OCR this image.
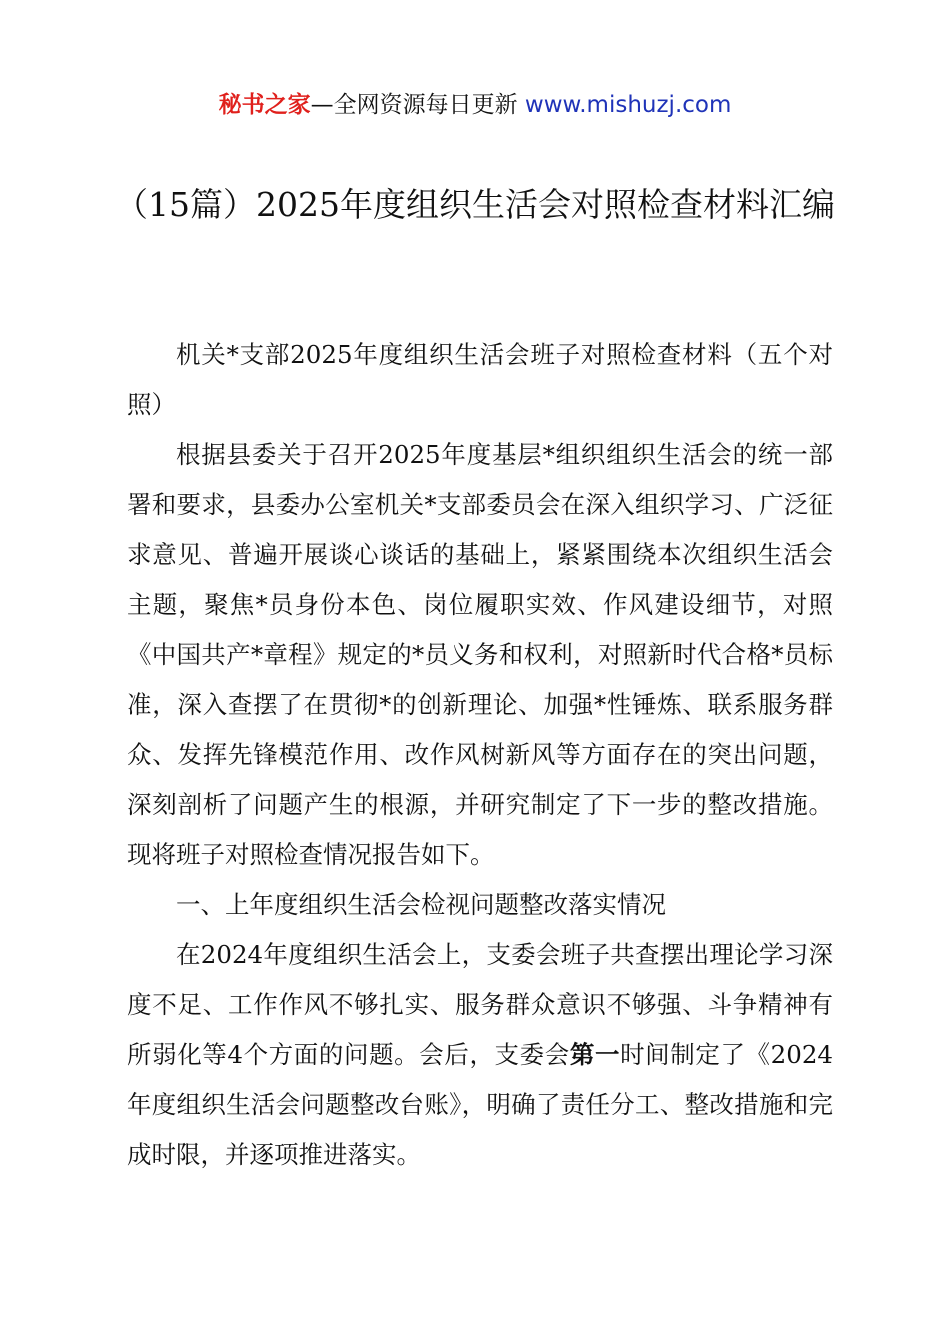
秘书之家—全网资源每日更新 www.mishuzj.com
（15篇）2025年度组织生活会对照检查材料汇编

机关*支部2025年度组织生活会班子对照检查材料（五个对照）

根据县委关于召开2025年度基层*组织组织生活会的统一部署和要求，县委办公室机关*支部委员会在深入组织学习、广泛征求意见、普遍开展谈心谈话的基础上，紧紧围绕本次组织生活会主题，聚焦*员身份本色、岗位履职实效、作风建设细节，对照《中国共产*章程》规定的*员义务和权利，对照新时代合格*员标准，深入查摆了在贯彻*的创新理论、加强*性锤炼、联系服务群众、发挥先锋模范作用、改作风树新风等方面存在的突出问题，深刻剖析了问题产生的根源，并研究制定了下一步的整改措施。现将班子对照检查情况报告如下。

一、上年度组织生活会检视问题整改落实情况

在2024年度组织生活会上，支委会班子共查摆出理论学习深度不足、工作作风不够扎实、服务群众意识不够强、斗争精神有所弱化等4个方面的问题。会后，支委会第一时间制定了《2024年度组织生活会问题整改台账》，明确了责任分工、整改措施和完成时限，并逐项推进落实。
